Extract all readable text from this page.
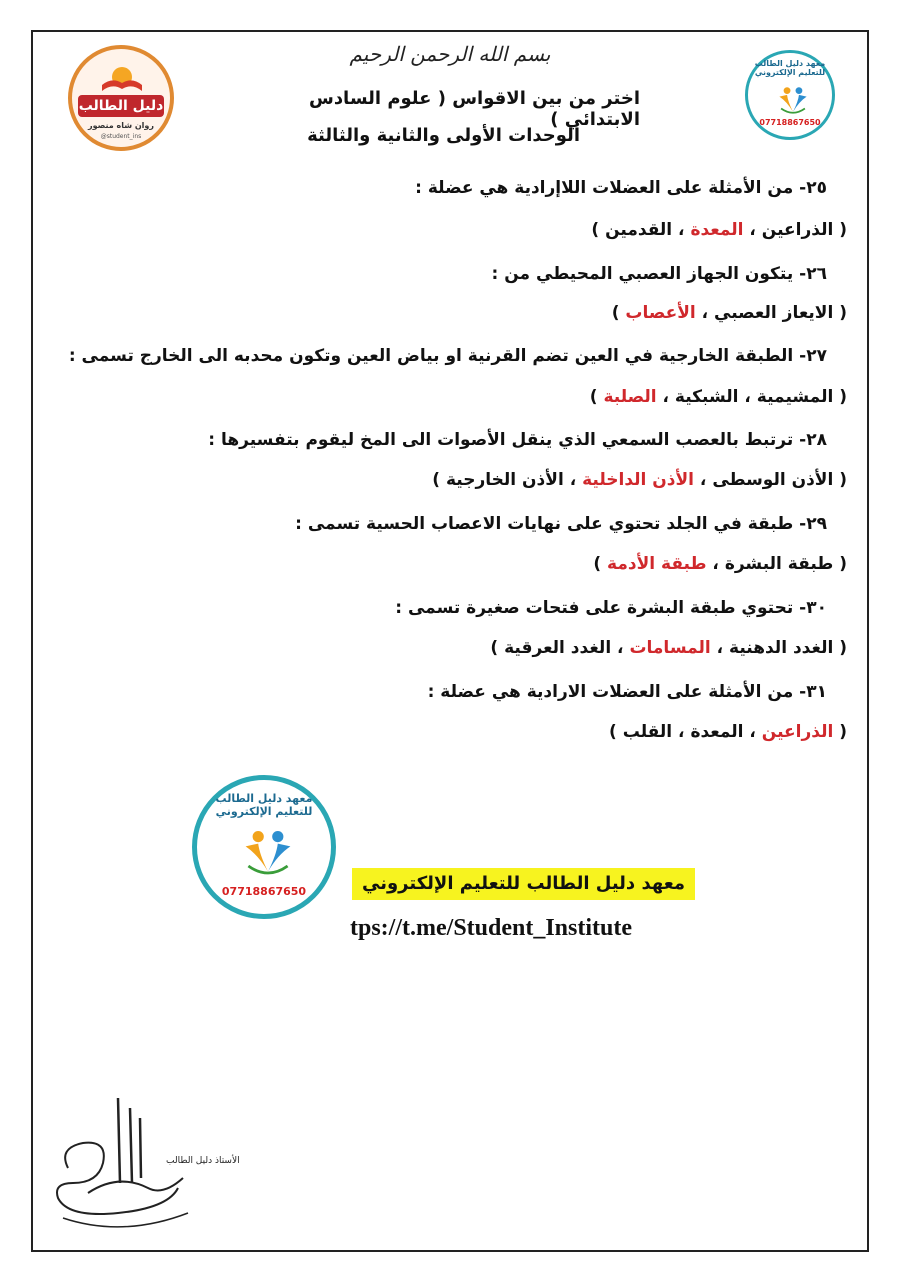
بسم الله الرحمن الرحيم
اختر من بين الاقواس ( علوم السادس الابتدائي )
الوحدات الأولى والثانية والثالثة
معهد دليل الطالب للتعليم الإلكتروني
07718867650
دليل الطالب
روان شاه منصور
@student_ins
٢٥- من الأمثلة على العضلات اللاإرادية هي عضلة :
( الذراعين ، المعدة ، القدمين )
٢٦- يتكون الجهاز العصبي المحيطي من :
( الايعاز العصبي ، الأعصاب )
٢٧- الطبقة الخارجية في العين تضم القرنية او بياض العين وتكون محدبه الى الخارج تسمى :
( المشيمية ، الشبكية ، الصلبة )
٢٨- ترتبط بالعصب السمعي الذي ينقل الأصوات الى المخ ليقوم بتفسيرها :
( الأذن الوسطى ، الأذن الداخلية ، الأذن الخارجية )
٢٩- طبقة في الجلد تحتوي على نهايات الاعصاب الحسية تسمى :
( طبقة البشرة ، طبقة الأدمة )
٣٠- تحتوي طبقة البشرة على فتحات صغيرة تسمى :
( الغدد الدهنية ، المسامات ، الغدد العرقية )
٣١- من الأمثلة على العضلات الارادية هي عضلة :
( الذراعين ، المعدة ، القلب )
معهد دليل الطالب للتعليم الإلكتروني
07718867650	معهد دليل الطالب للتعليم الإلكتروني
tps://t.me/Student_Institute
الأستاذ دليل الطالب
